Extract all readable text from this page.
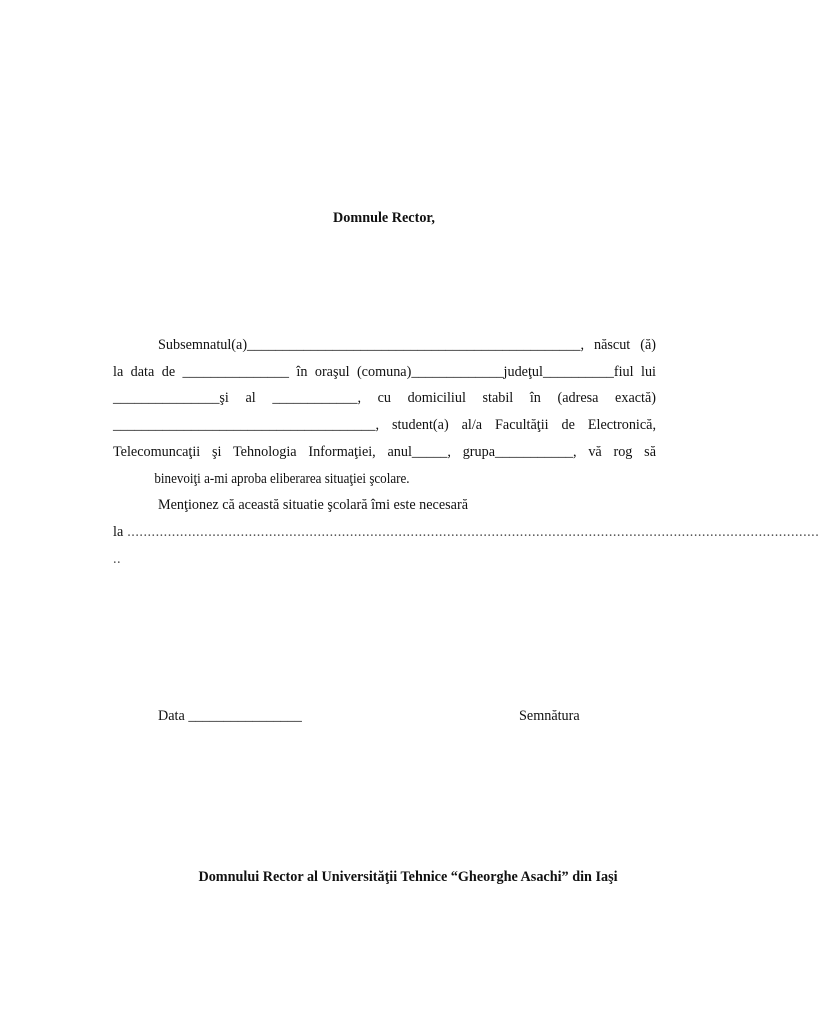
Domnule Rector,

Subsemnatul(a)_______________________________________________, născut (ă) la data de _______________ în oraşul (comuna)_____________judeţul__________fiul lui _______________şi al ____________, cu domiciliul stabil în (adresa exactă) _____________________________________, student(a) al/a Facultăţii de Electronică, Telecomuncaţii şi Tehnologia Informaţiei, anul_____, grupa___________, vă rog să binevoiţi a-mi aproba eliberarea situaţiei şcolare.

Menţionez că această situatie şcolară îmi este necesară

la ...........................................................................................................................................................................
..
Data ________________	Semnătura
Domnului Rector al Universităţii Tehnice “Gheorghe Asachi” din Iaşi
